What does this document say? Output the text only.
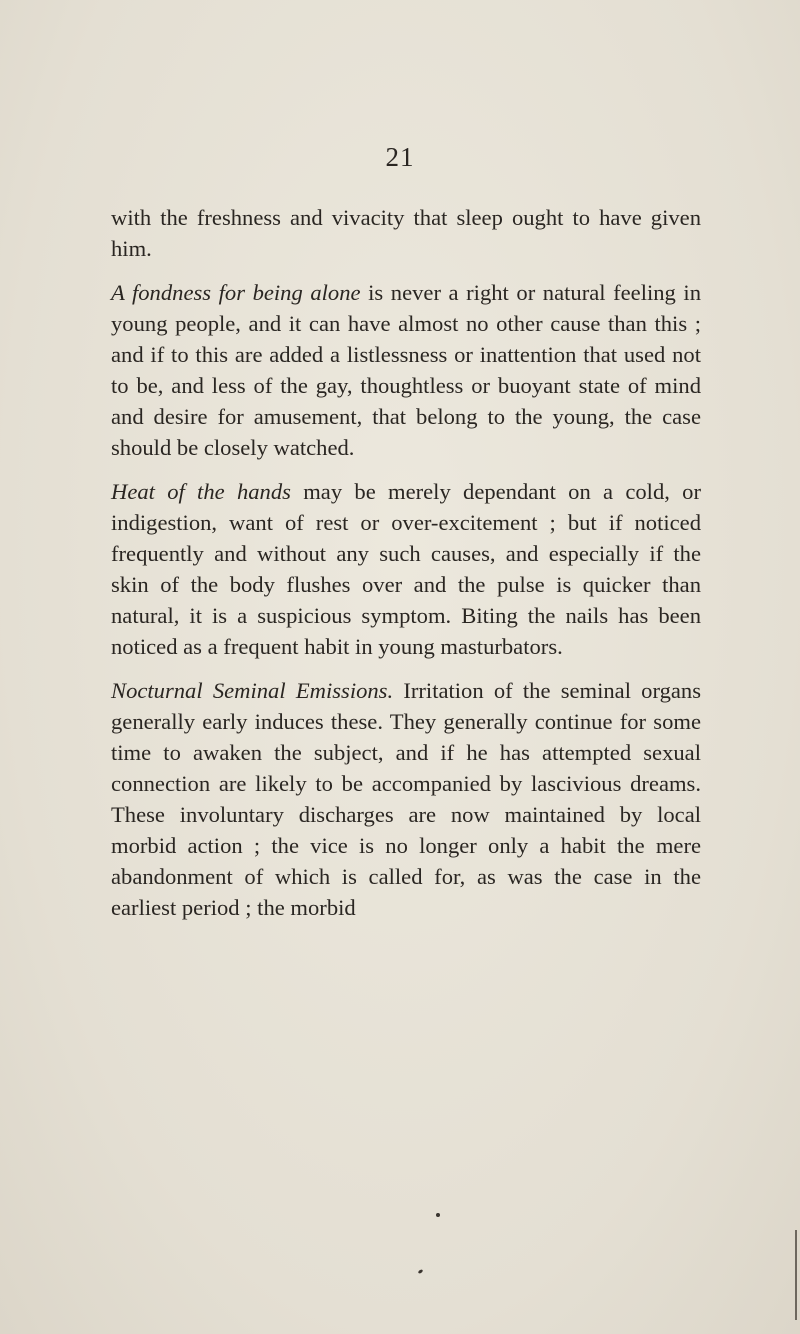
21

with the freshness and vivacity that sleep ought to have given him.

A fondness for being alone is never a right or natural feeling in young people, and it can have almost no other cause than this ; and if to this are added a listlessness or inattention that used not to be, and less of the gay, thoughtless or buoyant state of mind and desire for amusement, that belong to the young, the case should be closely watched.

Heat of the hands may be merely dependant on a cold, or indigestion, want of rest or over-excitement ; but if noticed frequently and without any such causes, and especially if the skin of the body flushes over and the pulse is quicker than natural, it is a suspicious symptom. Biting the nails has been noticed as a frequent habit in young masturbators.

Nocturnal Seminal Emissions. Irritation of the seminal organs generally early induces these. They generally continue for some time to awaken the subject, and if he has attempted sexual connection are likely to be accompanied by lascivious dreams. These involuntary discharges are now maintained by local morbid action ; the vice is no longer only a habit the mere abandonment of which is called for, as was the case in the earliest period ; the morbid
